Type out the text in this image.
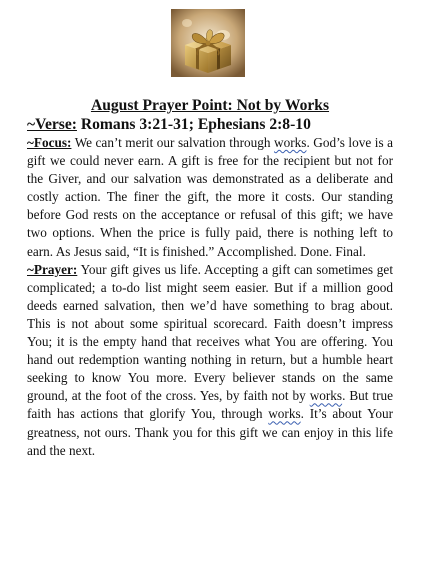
August Prayer Point: Not by Works

~Verse: Romans 3:21-31; Ephesians 2:8-10

~Focus: We can’t merit our salvation through works. God’s love is a gift we could never earn. A gift is free for the recipient but not for the Giver, and our salvation was demonstrated as a deliberate and costly action. The finer the gift, the more it costs. Our standing before God rests on the acceptance or refusal of this gift; we have two options. When the price is fully paid, there is nothing left to earn. As Jesus said, “It is finished.” Accomplished. Done. Final.

~Prayer: Your gift gives us life. Accepting a gift can sometimes get complicated; a to-do list might seem easier. But if a million good deeds earned salvation, then we’d have something to brag about. This is not about some spiritual scorecard. Faith doesn’t impress You; it is the empty hand that receives what You are offering. You hand out redemption wanting nothing in return, but a humble heart seeking to know You more. Every believer stands on the same ground, at the foot of the cross. Yes, by faith not by works. But true faith has actions that glorify You, through works. It’s about Your greatness, not ours. Thank you for this gift we can enjoy in this life and the next.
